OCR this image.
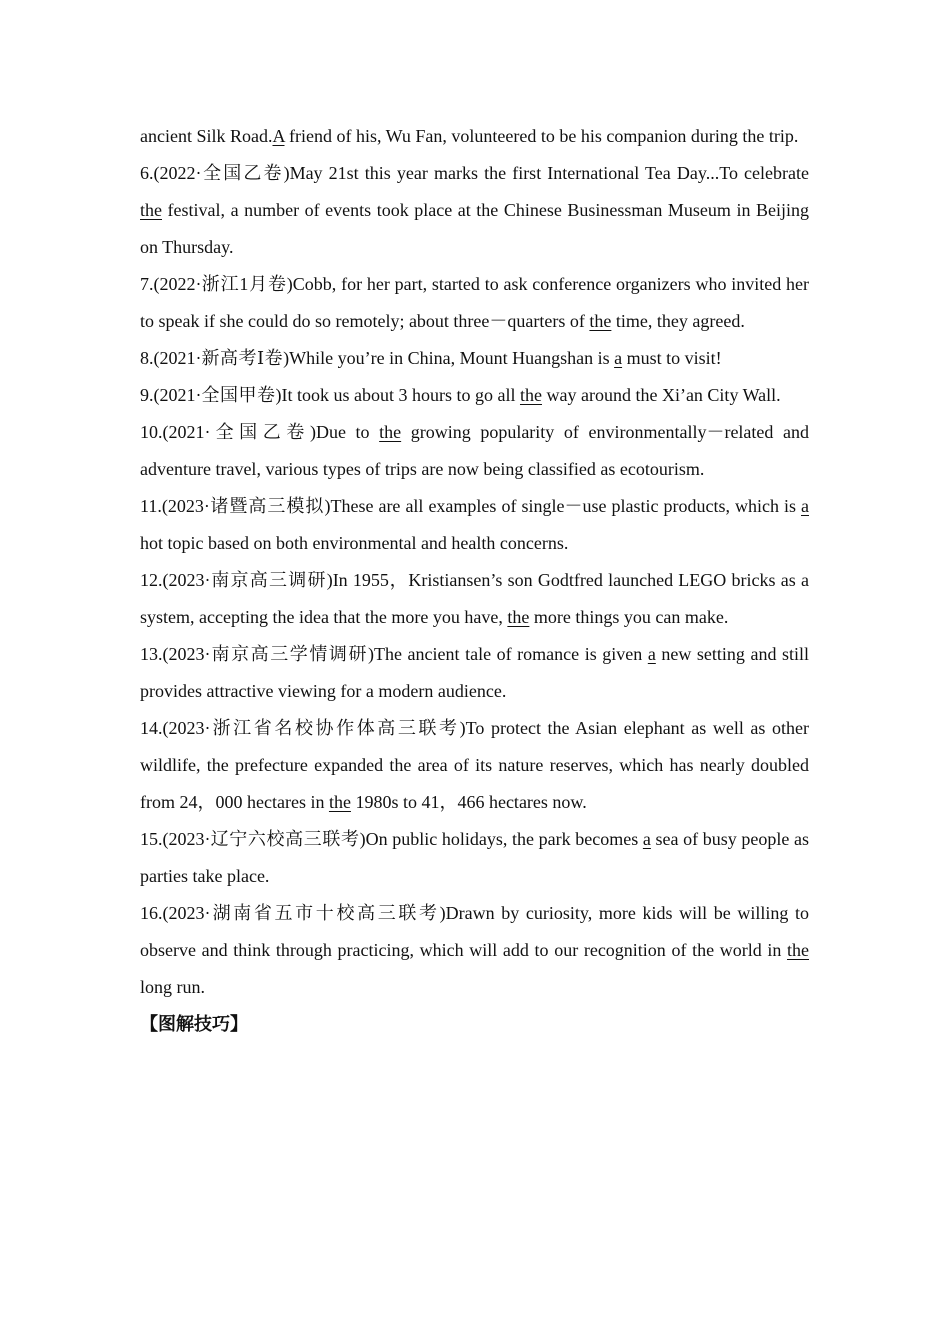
ancient Silk Road.A friend of his, Wu Fan, volunteered to be his companion during the trip.

6.(2022·全国乙卷)May 21st this year marks the first International Tea Day...To celebrate the festival, a number of events took place at the Chinese Businessman Museum in Beijing on Thursday.

7.(2022·浙江1月卷)Cobb, for her part, started to ask conference organizers who invited her to speak if she could do so remotely; about three－quarters of the time, they agreed.

8.(2021·新高考Ⅰ卷)While you’re in China, Mount Huangshan is a must to visit!

9.(2021·全国甲卷)It took us about 3 hours to go all the way around the Xi’an City Wall.

10.(2021·全国乙卷)Due to the growing popularity of environmentally－related and adventure travel, various types of trips are now being classified as ecotourism.

11.(2023·诸暨高三模拟)These are all examples of single－use plastic products, which is a hot topic based on both environmental and health concerns.

12.(2023·南京高三调研)In 1955，Kristiansen’s son Godtfred launched LEGO bricks as a system, accepting the idea that the more you have, the more things you can make.

13.(2023·南京高三学情调研)The ancient tale of romance is given a new setting and still provides attractive viewing for a modern audience.

14.(2023·浙江省名校协作体高三联考)To protect the Asian elephant as well as other wildlife, the prefecture expanded the area of its nature reserves, which has nearly doubled from 24，000 hectares in the 1980s to 41，466 hectares now.

15.(2023·辽宁六校高三联考)On public holidays, the park becomes a sea of busy people as parties take place.

16.(2023·湖南省五市十校高三联考)Drawn by curiosity, more kids will be willing to observe and think through practicing, which will add to our recognition of the world in the long run.

【图解技巧】
